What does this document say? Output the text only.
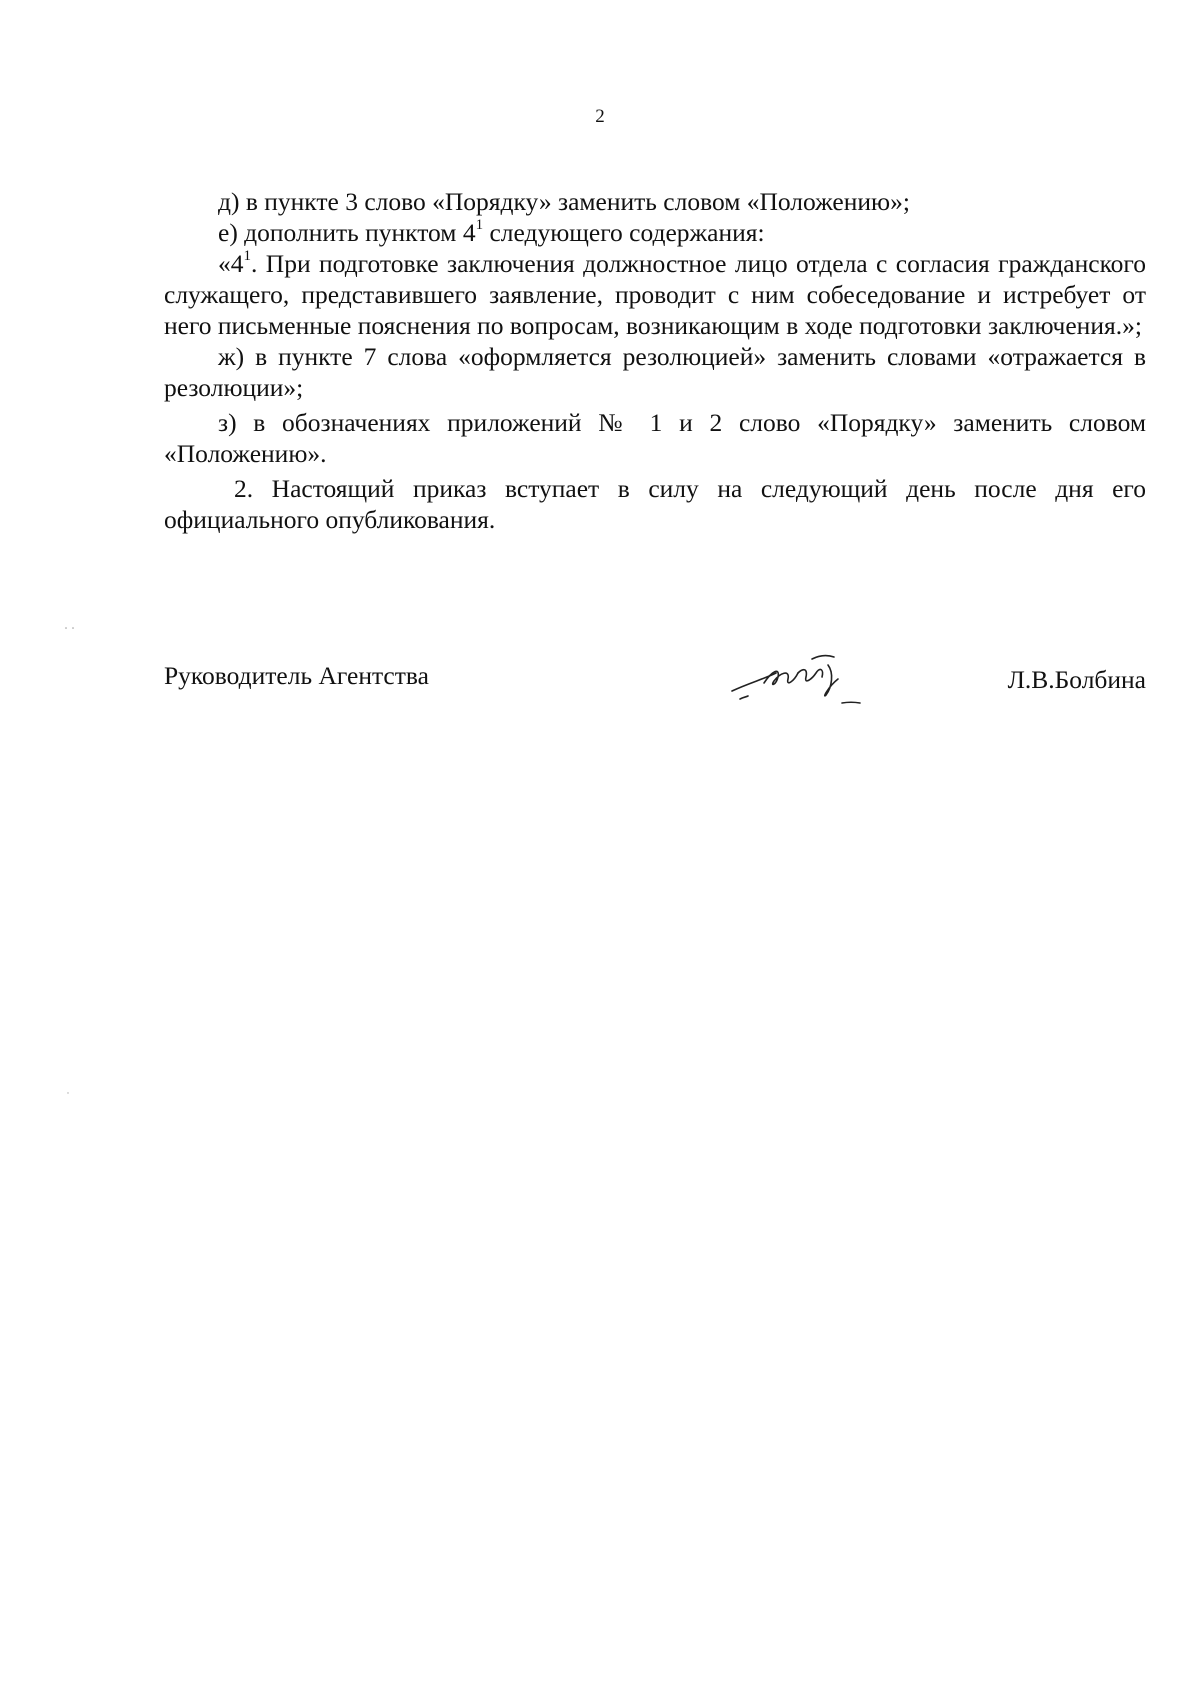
2

д) в пункте 3 слово «Порядку» заменить словом «Положению»;

е) дополнить пунктом $4^1$ следующего содержания:

«$4^1$. При подготовке заключения должностное лицо отдела с согласия гражданского служащего, представившего заявление, проводит с ним собеседование и истребует от него письменные пояснения по вопросам, возникающим в ходе подготовки заключения.»;

ж) в пункте 7 слова «оформляется резолюцией» заменить словами «отражается в резолюции»;

з) в обозначениях приложений № 1 и 2 слово «Порядку» заменить словом «Положению».

2. Настоящий приказ вступает в силу на следующий день после дня его официального опубликования.

Руководитель Агентства	Л.В.Болбина
